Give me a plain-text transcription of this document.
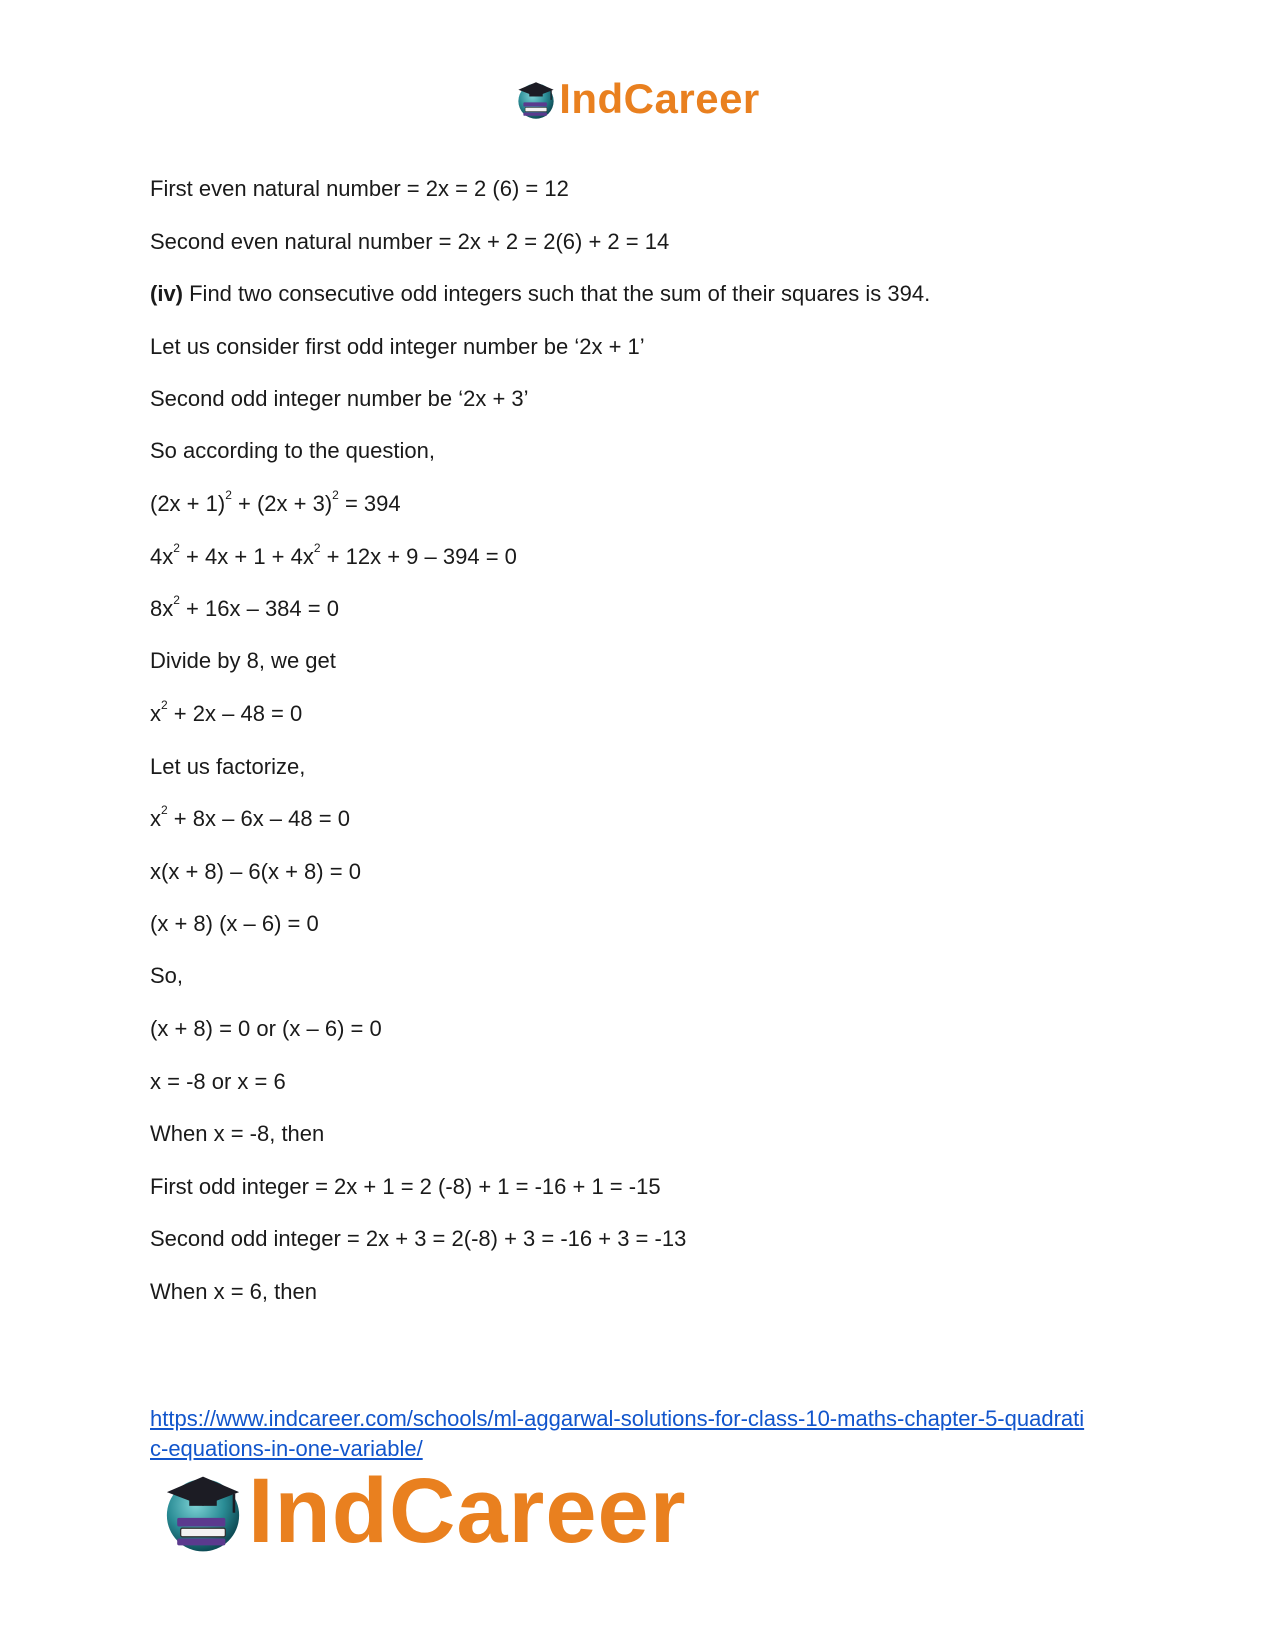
IndCareer
First even natural number = 2x = 2 (6) = 12
Second even natural number = 2x + 2 = 2(6) + 2 = 14
(iv) Find two consecutive odd integers such that the sum of their squares is 394.
Let us consider first odd integer number be ‘2x + 1’
Second odd integer number be ‘2x + 3’
So according to the question,
$(2x + 1)^2 + (2x + 3)^2 = 394$
$4x^2 + 4x + 1 + 4x^2 + 12x + 9 - 394 = 0$
$8x^2 + 16x - 384 = 0$
Divide by 8, we get
$x^2 + 2x - 48 = 0$
Let us factorize,
$x^2 + 8x - 6x - 48 = 0$
x(x + 8) – 6(x + 8) = 0
(x + 8) (x – 6) = 0
So,
(x + 8) = 0 or (x – 6) = 0
x = -8 or x = 6
When x = -8, then
First odd integer = 2x + 1 = 2 (-8) + 1 = -16 + 1 = -15
Second odd integer = 2x + 3 = 2(-8) + 3 = -16 + 3 = -13
When x = 6, then
https://www.indcareer.com/schools/ml-aggarwal-solutions-for-class-10-maths-chapter-5-quadrati
c-equations-in-one-variable/
IndCareer
